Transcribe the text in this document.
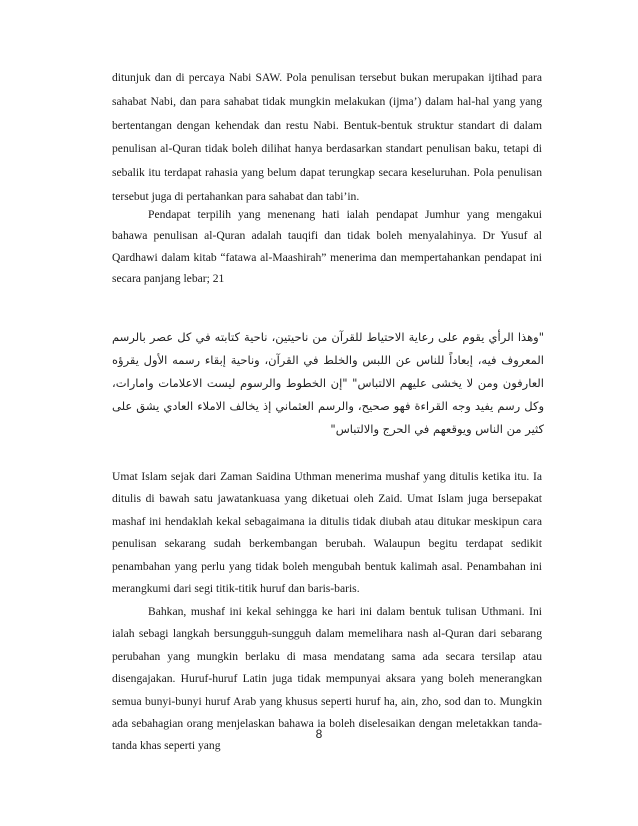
ditunjuk dan di percaya Nabi SAW. Pola penulisan tersebut bukan merupakan ijtihad para sahabat Nabi, dan para sahabat tidak mungkin melakukan (ijma’) dalam hal-hal yang yang bertentangan dengan kehendak dan restu Nabi. Bentuk-bentuk struktur standart di dalam penulisan al-Quran tidak boleh dilihat hanya berdasarkan standart penulisan baku, tetapi di sebalik itu terdapat rahasia yang belum dapat terungkap secara keseluruhan. Pola penulisan tersebut juga di pertahankan para sahabat dan tabi’in.

Pendapat terpilih yang menenang hati ialah pendapat Jumhur yang mengakui bahawa penulisan al-Quran adalah tauqifi dan tidak boleh menyalahinya. Dr Yusuf al Qardhawi dalam kitab “fatawa al-Maashirah” menerima dan mempertahankan pendapat ini secara panjang lebar; 21

"وهذا الرأي يقوم على رعاية الاحتياط للقرآن من ناحيتين، ناحية كتابته في كل عصر بالرسم المعروف فيه، إبعاداً للناس عن اللبس والخلط في القرآن، وناحية إبقاء رسمه الأول يقرؤه العارفون ومن لا يخشى عليهم الالتباس" "إن الخطوط والرسوم ليست الاعلامات وامارات، وكل رسم يفيد وجه القراءة فهو صحيح، والرسم العثماني إذ يخالف الاملاء العادي يشق على كثير من الناس ويوقعهم في الحرج والالتباس"

Umat Islam sejak dari Zaman Saidina Uthman menerima mushaf yang ditulis ketika itu. Ia ditulis di bawah satu jawatankuasa yang diketuai oleh Zaid. Umat Islam juga bersepakat mashaf ini hendaklah kekal sebagaimana ia ditulis tidak diubah atau ditukar meskipun cara penulisan sekarang sudah berkembangan berubah. Walaupun begitu terdapat sedikit penambahan yang perlu yang tidak boleh mengubah bentuk kalimah asal. Penambahan ini merangkumi dari segi titik-titik huruf dan baris-baris.

Bahkan, mushaf ini kekal sehingga ke hari ini dalam bentuk tulisan Uthmani. Ini ialah sebagi langkah bersungguh-sungguh dalam memelihara nash al-Quran dari sebarang perubahan yang mungkin berlaku di masa mendatang sama ada secara tersilap atau disengajakan. Huruf-huruf Latin juga tidak mempunyai aksara yang boleh menerangkan semua bunyi-bunyi huruf Arab yang khusus seperti huruf ha, ain, zho, sod dan to. Mungkin ada sebahagian orang menjelaskan bahawa ia boleh diselesaikan dengan meletakkan tanda-tanda khas seperti yang

8
